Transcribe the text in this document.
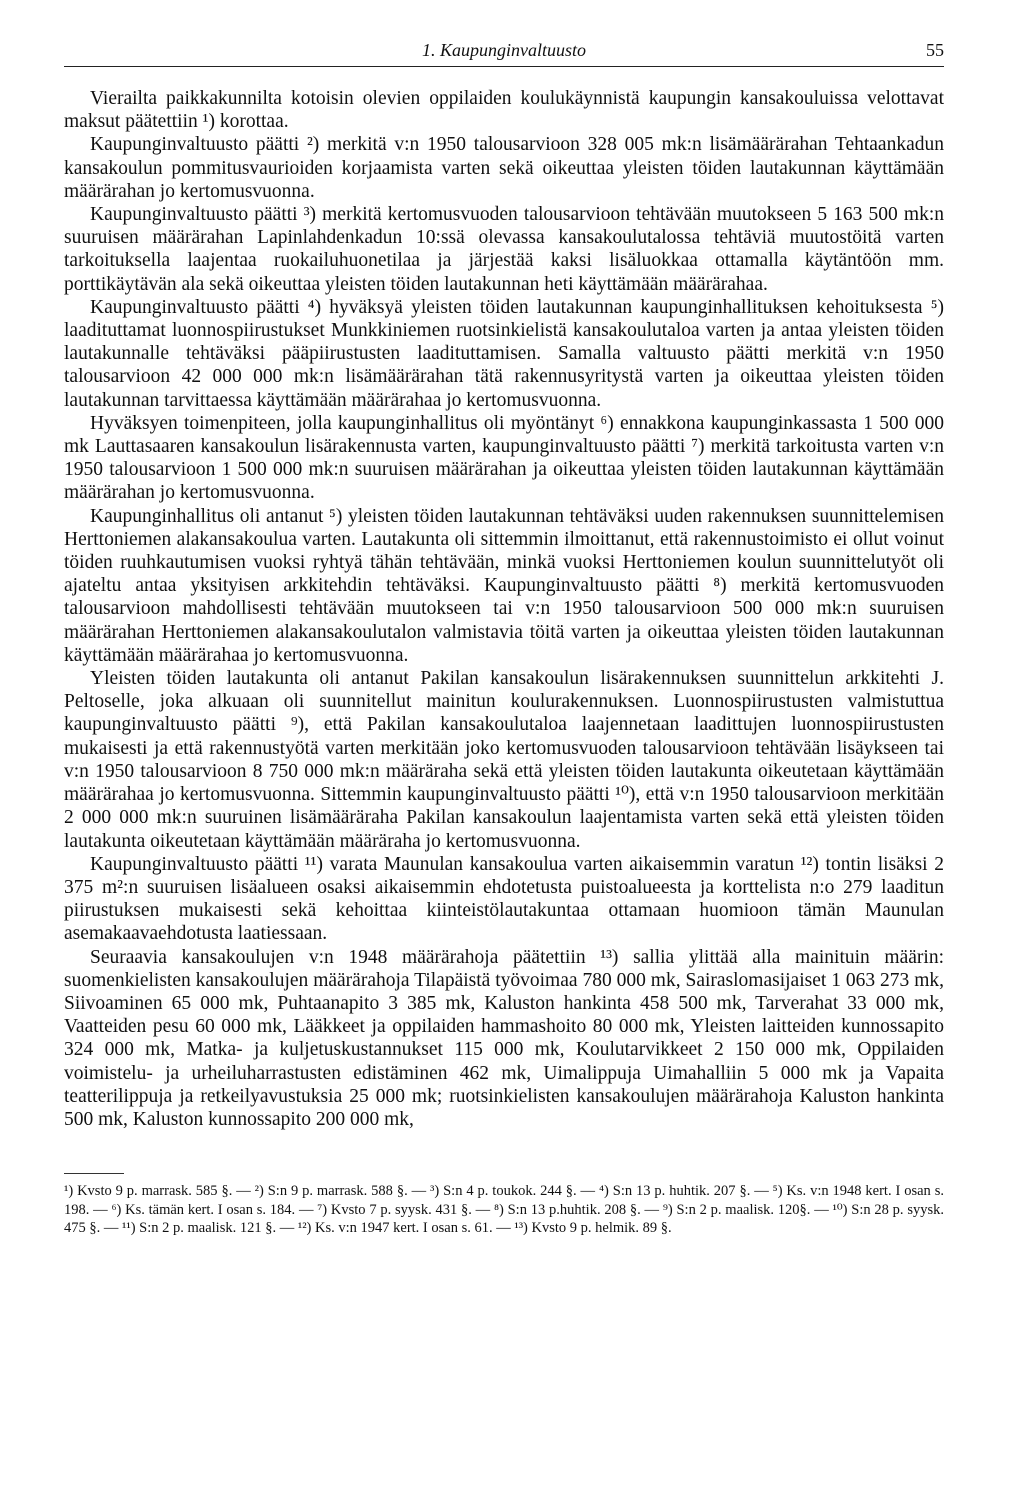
1. Kaupunginvaltuusto	55

Vierailta paikkakunnilta kotoisin olevien oppilaiden koulukäynnistä kaupungin kansakouluissa velottavat maksut päätettiin ¹) korottaa.

Kaupunginvaltuusto päätti ²) merkitä v:n 1950 talousarvioon 328 005 mk:n lisämäärärahan Tehtaankadun kansakoulun pommitusvaurioiden korjaamista varten sekä oikeuttaa yleisten töiden lautakunnan käyttämään määrärahan jo kertomusvuonna.

Kaupunginvaltuusto päätti ³) merkitä kertomusvuoden talousarvioon tehtävään muutokseen 5 163 500 mk:n suuruisen määrärahan Lapinlahdenkadun 10:ssä olevassa kansakoulutalossa tehtäviä muutostöitä varten tarkoituksella laajentaa ruokailuhuonetilaa ja järjestää kaksi lisäluokkaa ottamalla käytäntöön mm. porttikäytävän ala sekä oikeuttaa yleisten töiden lautakunnan heti käyttämään määrärahaa.

Kaupunginvaltuusto päätti ⁴) hyväksyä yleisten töiden lautakunnan kaupunginhallituksen kehoituksesta ⁵) laadituttamat luonnospiirustukset Munkkiniemen ruotsinkielistä kansakoulutaloa varten ja antaa yleisten töiden lautakunnalle tehtäväksi pääpiirustusten laadituttamisen. Samalla valtuusto päätti merkitä v:n 1950 talousarvioon 42 000 000 mk:n lisämäärärahan tätä rakennusyritystä varten ja oikeuttaa yleisten töiden lautakunnan tarvittaessa käyttämään määrärahaa jo kertomusvuonna.

Hyväksyen toimenpiteen, jolla kaupunginhallitus oli myöntänyt ⁶) ennakkona kaupunginkassasta 1 500 000 mk Lauttasaaren kansakoulun lisärakennusta varten, kaupunginvaltuusto päätti ⁷) merkitä tarkoitusta varten v:n 1950 talousarvioon 1 500 000 mk:n suuruisen määrärahan ja oikeuttaa yleisten töiden lautakunnan käyttämään määrärahan jo kertomusvuonna.

Kaupunginhallitus oli antanut ⁵) yleisten töiden lautakunnan tehtäväksi uuden rakennuksen suunnittelemisen Herttoniemen alakansakoulua varten. Lautakunta oli sittemmin ilmoittanut, että rakennustoimisto ei ollut voinut töiden ruuhkautumisen vuoksi ryhtyä tähän tehtävään, minkä vuoksi Herttoniemen koulun suunnittelutyöt oli ajateltu antaa yksityisen arkkitehdin tehtäväksi. Kaupunginvaltuusto päätti ⁸) merkitä kertomusvuoden talousarvioon mahdollisesti tehtävään muutokseen tai v:n 1950 talousarvioon 500 000 mk:n suuruisen määrärahan Herttoniemen alakansakoulutalon valmistavia töitä varten ja oikeuttaa yleisten töiden lautakunnan käyttämään määrärahaa jo kertomusvuonna.

Yleisten töiden lautakunta oli antanut Pakilan kansakoulun lisärakennuksen suunnittelun arkkitehti J. Peltoselle, joka alkuaan oli suunnitellut mainitun koulurakennuksen. Luonnospiirustusten valmistuttua kaupunginvaltuusto päätti ⁹), että Pakilan kansakoulutaloa laajennetaan laadittujen luonnospiirustusten mukaisesti ja että rakennustyötä varten merkitään joko kertomusvuoden talousarvioon tehtävään lisäykseen tai v:n 1950 talousarvioon 8 750 000 mk:n määräraha sekä että yleisten töiden lautakunta oikeutetaan käyttämään määrärahaa jo kertomusvuonna. Sittemmin kaupunginvaltuusto päätti ¹⁰), että v:n 1950 talousarvioon merkitään 2 000 000 mk:n suuruinen lisämääräraha Pakilan kansakoulun laajentamista varten sekä että yleisten töiden lautakunta oikeutetaan käyttämään määräraha jo kertomusvuonna.

Kaupunginvaltuusto päätti ¹¹) varata Maunulan kansakoulua varten aikaisemmin varatun ¹²) tontin lisäksi 2 375 m²:n suuruisen lisäalueen osaksi aikaisemmin ehdotetusta puistoalueesta ja korttelista n:o 279 laaditun piirustuksen mukaisesti sekä kehoittaa kiinteistölautakuntaa ottamaan huomioon tämän Maunulan asemakaavaehdotusta laatiessaan.

Seuraavia kansakoulujen v:n 1948 määrärahoja päätettiin ¹³) sallia ylittää alla mainituin määrin: suomenkielisten kansakoulujen määrärahoja Tilapäistä työvoimaa 780 000 mk, Sairaslomasijaiset 1 063 273 mk, Siivoaminen 65 000 mk, Puhtaanapito 3 385 mk, Kaluston hankinta 458 500 mk, Tarverahat 33 000 mk, Vaatteiden pesu 60 000 mk, Lääkkeet ja oppilaiden hammashoito 80 000 mk, Yleisten laitteiden kunnossapito 324 000 mk, Matka- ja kuljetuskustannukset 115 000 mk, Koulutarvikkeet 2 150 000 mk, Oppilaiden voimistelu- ja urheiluharrastusten edistäminen 462 mk, Uimalippuja Uimahalliin 5 000 mk ja Vapaita teatterilippuja ja retkeilyavustuksia 25 000 mk; ruotsinkielisten kansakoulujen määrärahoja Kaluston hankinta 500 mk, Kaluston kunnossapito 200 000 mk,

¹) Kvsto 9 p. marrask. 585 §. — ²) S:n 9 p. marrask. 588 §. — ³) S:n 4 p. toukok. 244 §. — ⁴) S:n 13 p. huhtik. 207 §. — ⁵) Ks. v:n 1948 kert. I osan s. 198. — ⁶) Ks. tämän kert. I osan s. 184. — ⁷) Kvsto 7 p. syysk. 431 §. — ⁸) S:n 13 p.huhtik. 208 §. — ⁹) S:n 2 p. maalisk. 120§. — ¹⁰) S:n 28 p. syysk. 475 §. — ¹¹) S:n 2 p. maalisk. 121 §. — ¹²) Ks. v:n 1947 kert. I osan s. 61. — ¹³) Kvsto 9 p. helmik. 89 §.
